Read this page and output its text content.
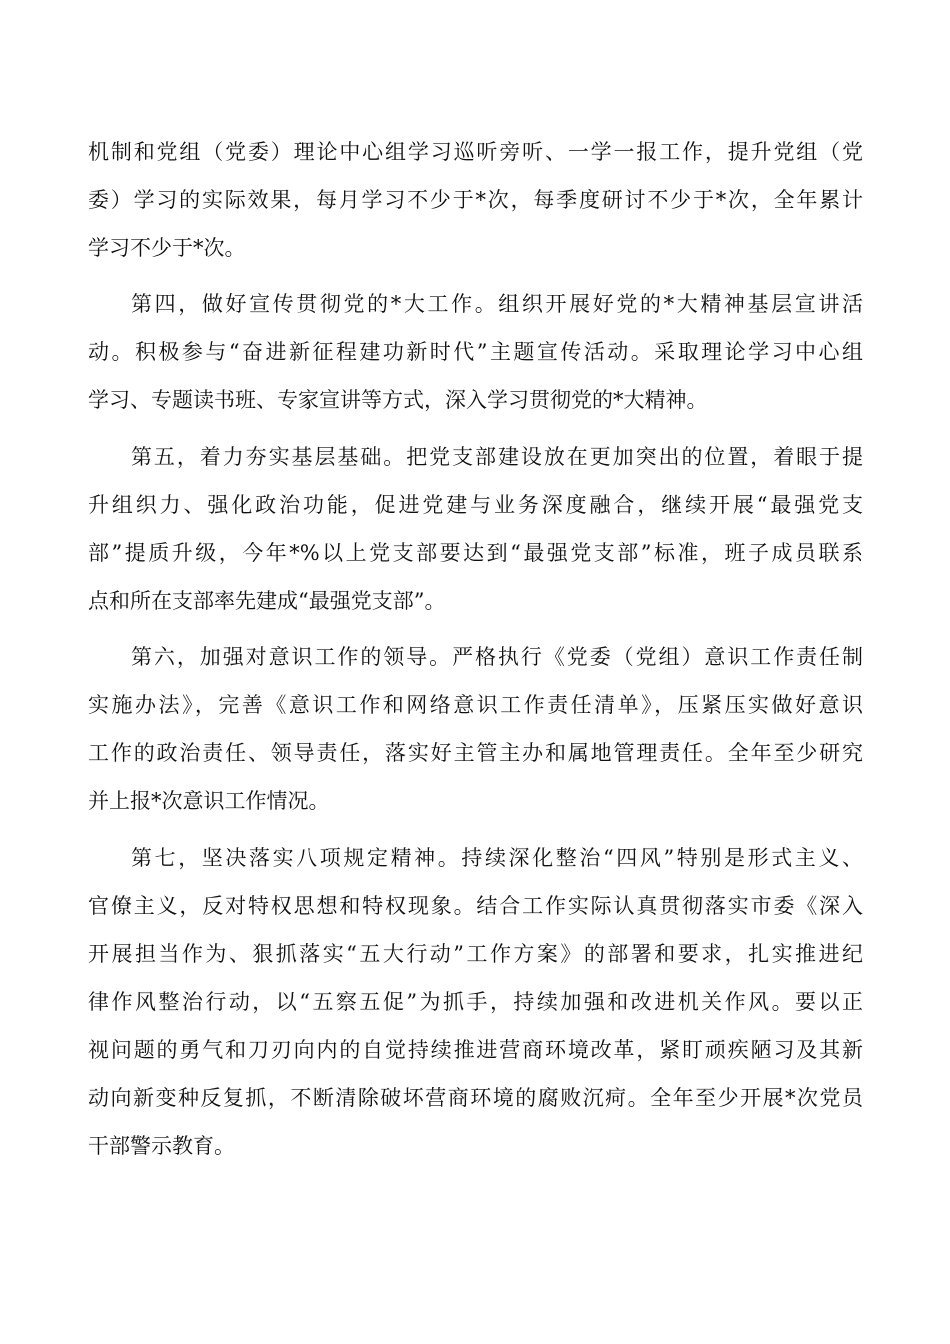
机制和党组（党委）理论中心组学习巡听旁听、一学一报工作，提升党组（党
委）学习的实际效果，每月学习不少于*次，每季度研讨不少于*次，全年累计
学习不少于*次。
第四，做好宣传贯彻党的*大工作。组织开展好党的*大精神基层宣讲活
动。积极参与“奋进新征程建功新时代”主题宣传活动。采取理论学习中心组
学习、专题读书班、专家宣讲等方式，深入学习贯彻党的*大精神。
第五，着力夯实基层基础。把党支部建设放在更加突出的位置，着眼于提
升组织力、强化政治功能，促进党建与业务深度融合，继续开展“最强党支
部”提质升级，今年*%以上党支部要达到“最强党支部”标准，班子成员联系
点和所在支部率先建成“最强党支部”。
第六，加强对意识工作的领导。严格执行《党委（党组）意识工作责任制
实施办法》，完善《意识工作和网络意识工作责任清单》，压紧压实做好意识
工作的政治责任、领导责任，落实好主管主办和属地管理责任。全年至少研究
并上报*次意识工作情况。
第七，坚决落实八项规定精神。持续深化整治“四风”特别是形式主义、
官僚主义，反对特权思想和特权现象。结合工作实际认真贯彻落实市委《深入
开展担当作为、狠抓落实“五大行动”工作方案》的部署和要求，扎实推进纪
律作风整治行动，以“五察五促”为抓手，持续加强和改进机关作风。要以正
视问题的勇气和刀刃向内的自觉持续推进营商环境改革，紧盯顽疾陋习及其新
动向新变种反复抓，不断清除破坏营商环境的腐败沉疴。全年至少开展*次党员
干部警示教育。
